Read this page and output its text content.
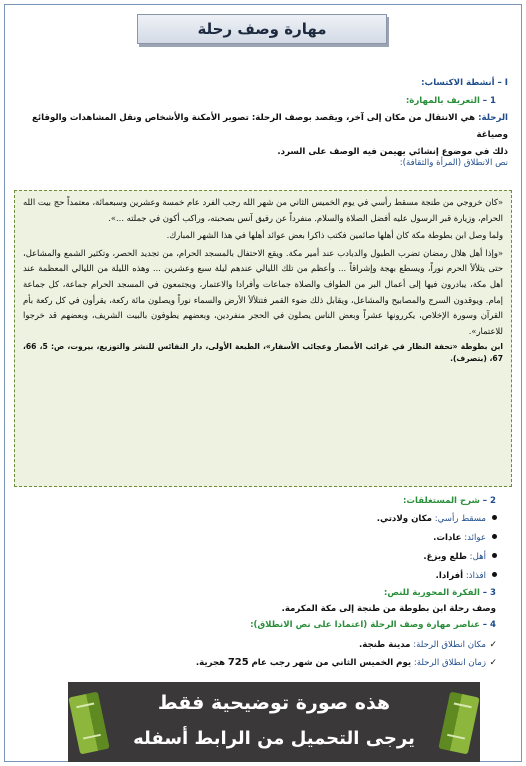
مهارة وصف رحلة
I – أنشطة الاكتساب:
1 – التعريف بالمهارة:
الرحلة: هي الانتقال من مكان إلى آخر، ويقصد بوصف الرحلة: تصوير الأمكنة والأشخاص ونقل المشاهدات والوقائع وصياغة
ذلك في موضوع إنشائي يهيمن فيه الوصف على السرد.
نص الانطلاق (المرأة والثقافة):

«كان خروجي من طنجة مسقط رأسي في يوم الخميس الثاني من شهر الله رجب الفرد عام خمسة وعشرين وسبعمائة، معتمداً حج بيت الله الحرام، وزيارة قبر الرسول عليه أفضل الصلاة والسلام. منفرداً عن رفيق آنس بصحبته، وراكب أكون في جملته ...».

ولما وصل ابن بطوطة مكة كان أهلها صائمين فكتب ذاكرا بعض عوائد أهلها في هذا الشهر المبارك.

«وإذا أهل هلال رمضان تضرب الطبول والدبادب عند أمير مكة. ويقع الاحتفال بالمسجد الحرام، من تجديد الحصر، وتكثير الشمع والمشاعل، حتى يتلألأ الحرم نوراً، ويسطع بهجة وإشراقاً ... وأعظم من تلك الليالي عندهم ليلة سبع وعشرين ... وهذه الليلة من الليالي المعظمة عند أهل مكة، يبادرون فيها إلى أعمال البر من الطواف والصلاة جماعات وأفرادا والاعتمار، ويجتمعون في المسجد الحرام جماعة، كل جماعة إمام. ويوقدون السرج والمصابيح والمشاعل، ويقابل ذلك ضوء القمر فتتلألأ الأرض والسماء نوراً ويصلون مائة ركعة، يقرأون في كل ركعة بأم القرآن وسورة الإخلاص، يكررونها عشراً وبعض الناس يصلون في الحجر منفردين، وبعضهم يطوفون بالبيت الشريف، وبعضهم قد خرجوا للاعتمار».

ابن بطوطة «تحفة النظار في غرائب الأمصار وعجائب الأسفار»، الطبعة الأولى، دار النفائس للنشر والتوزيع، بيروت، ص: 5، 66، 67، (بتصرف).
2 – شرح المستغلقات:
مسقط رأسي: مكان ولادتي.
عوائد: عادات.
أهل: طلع وبزغ.
افذاذ: أفرادا.
3 – الفكرة المحورية للنص:
وصف رحلة ابن بطوطة من طنجة إلى مكة المكرمة.
4 – عناصر مهارة وصف الرحلة (اعتمادا على نص الانطلاق):
✓ مكان انطلاق الرحلة: مدينة طنجة.
✓ زمان انطلاق الرحلة: يوم الخميس الثاني من شهر رجب عام 725 هجرية.
هذه صورة توضيحية فقط
يرجى التحميل من الرابط أسفله
